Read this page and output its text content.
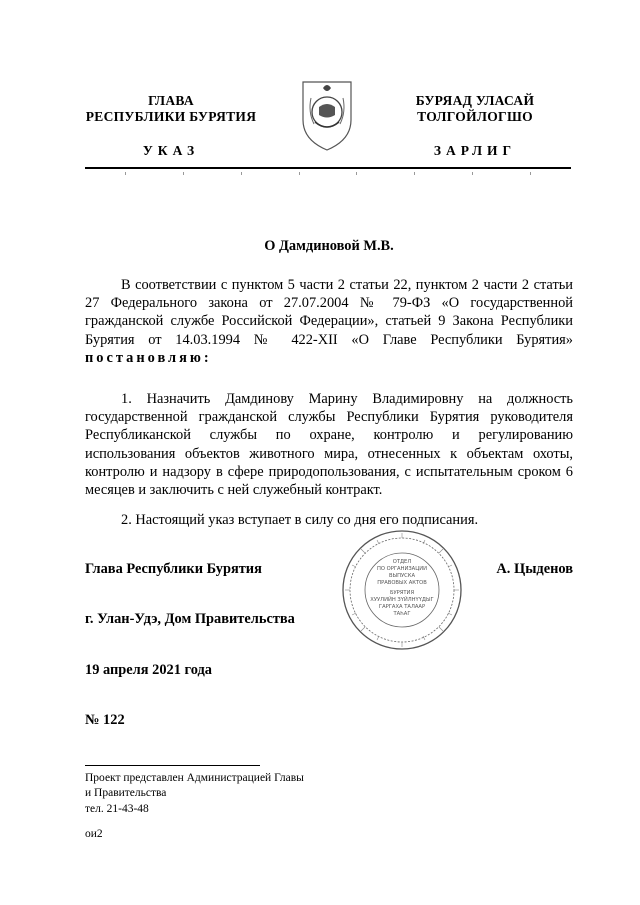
ГЛАВА
РЕСПУБЛИКИ БУРЯТИЯ
УКАЗ
БУРЯАД УЛАСАЙ
ТОЛГОЙЛОГШО
ЗАРЛИГ
О Дамдиновой М.В.
В соответствии с пунктом 5 части 2 статьи 22, пунктом 2 части 2 статьи 27 Федерального закона от 27.07.2004 № 79-ФЗ «О государственной гражданской службе Российской Федерации», статьей 9 Закона Республики Бурятия от 14.03.1994 № 422-XII «О Главе Республики Бурятия» постановляю:
1. Назначить Дамдинову Марину Владимировну на должность государственной гражданской службы Республики Бурятия руководителя Республиканской службы по охране, контролю и регулированию использования объектов животного мира, отнесенных к объектам охоты, контролю и надзору в сфере природопользования, с испытательным сроком 6 месяцев и заключить с ней служебный контракт.
2. Настоящий указ вступает в силу со дня его подписания.
Глава Республики Бурятия	А. Цыденов
ОТДЕЛ
ПО ОРГАНИЗАЦИИ
ВЫПУСКА
ПРАВОВЫХ АКТОВ
БУРЯТИЯ
ХУУЛИЙН ЗҮЙЛНҮҮДЫГ
ГАРГАХА ТАЛААР
ТАҺАГ
г. Улан-Удэ, Дом Правительства
19 апреля 2021 года
№ 122
Проект представлен Администрацией Главы
и Правительства
тел. 21-43-48
ои2
